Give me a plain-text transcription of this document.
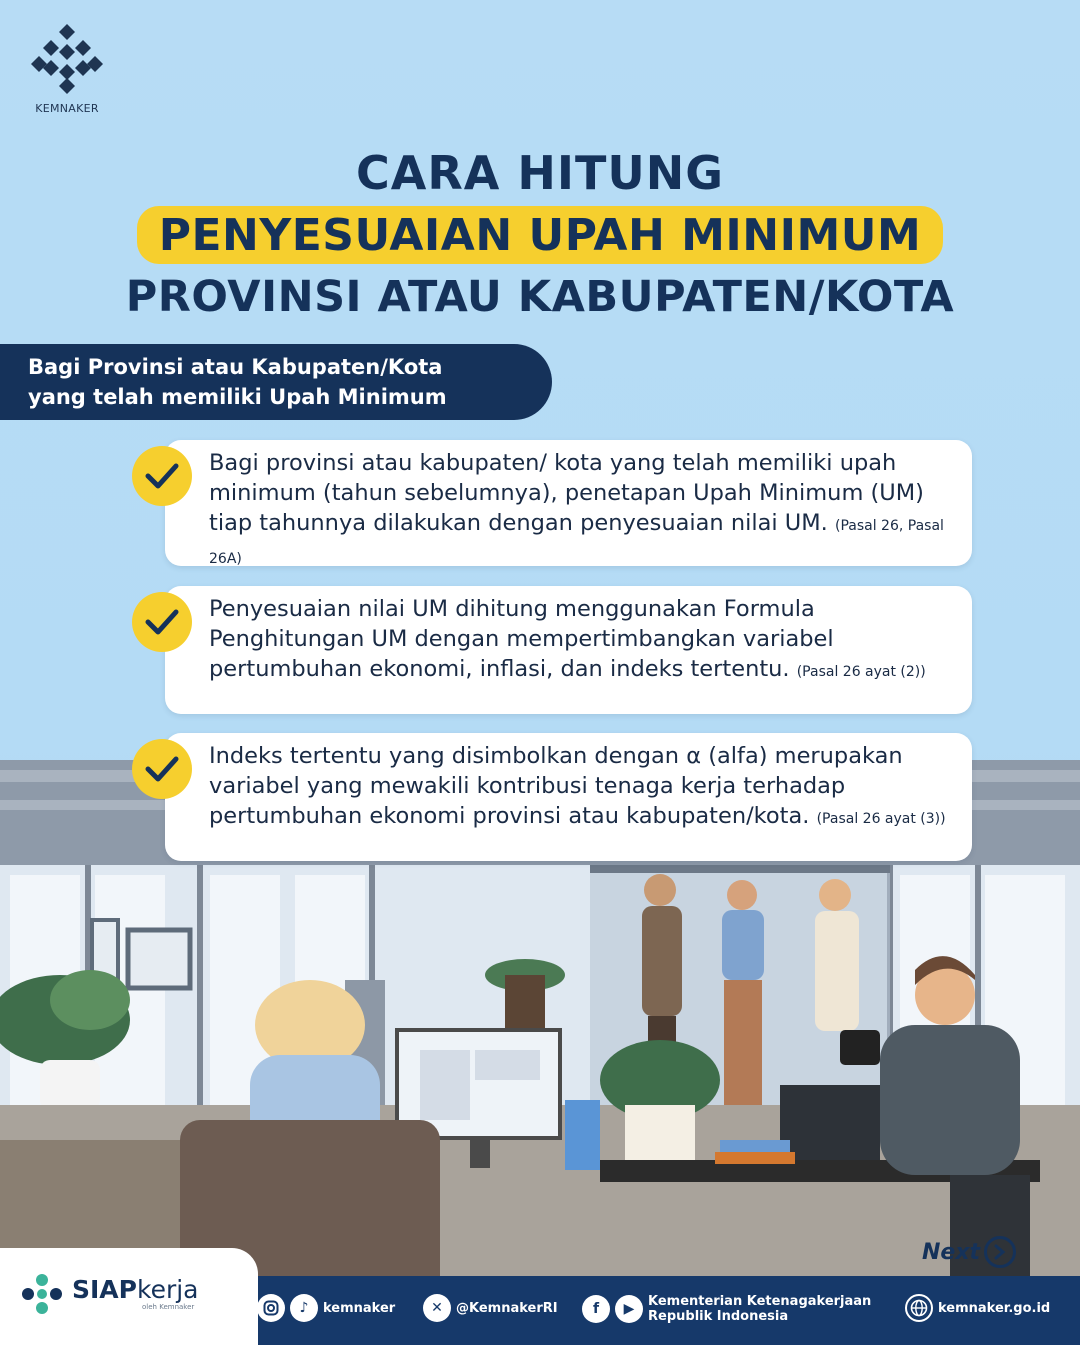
KEMNAKER
CARA HITUNG
PENYESUAIAN UPAH MINIMUM
PROVINSI ATAU KABUPATEN/KOTA
Bagi Provinsi atau Kabupaten/Kota
yang telah memiliki Upah Minimum

Bagi provinsi atau kabupaten/ kota yang telah memiliki upah minimum (tahun sebelumnya), penetapan Upah Minimum (UM) tiap tahunnya dilakukan dengan penyesuaian nilai UM. (Pasal 26, Pasal 26A)

Penyesuaian nilai UM dihitung menggunakan Formula Penghitungan UM dengan mempertimbangkan variabel pertumbuhan ekonomi, inflasi, dan indeks tertentu. (Pasal 26 ayat (2))

Indeks tertentu yang disimbolkan dengan α (alfa) merupakan variabel yang mewakili kontribusi tenaga kerja terhadap pertumbuhan ekonomi provinsi atau kabupaten/kota. (Pasal 26 ayat (3))

Next
SIAPkerja
oleh Kemnaker	♪	kemnaker	✕	@KemnakerRI	f	▶	Kementerian Ketenagakerjaan
Republik Indonesia
kemnaker.go.id
